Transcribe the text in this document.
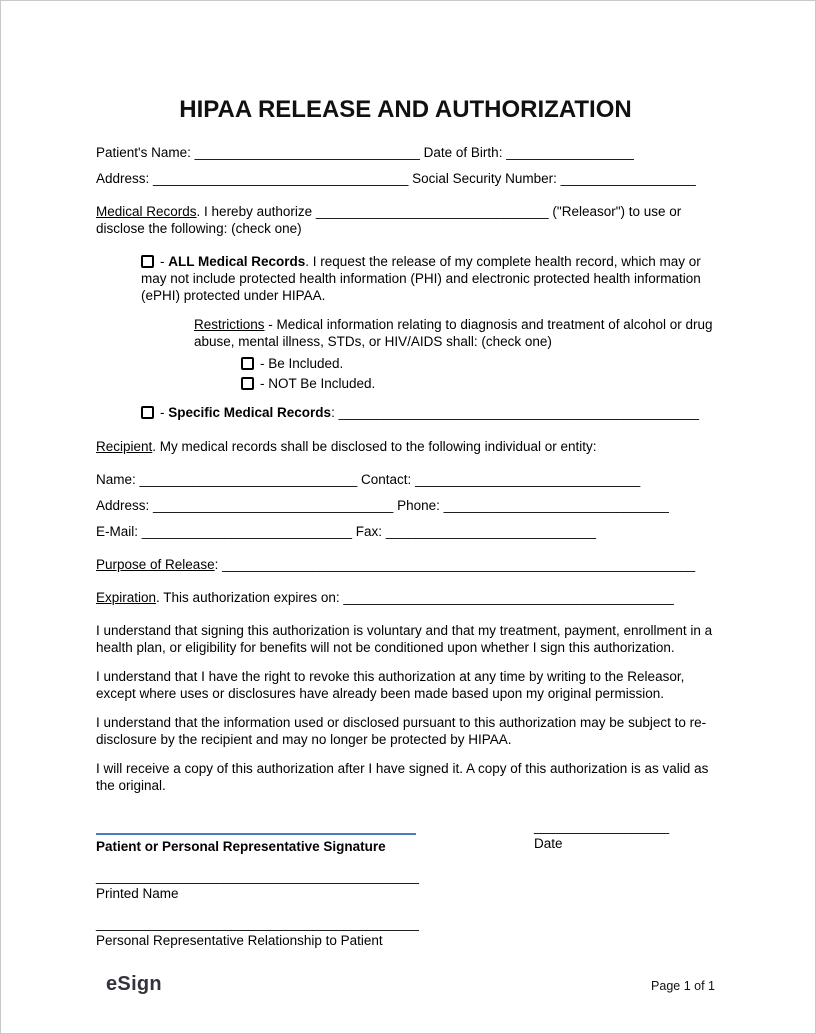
HIPAA RELEASE AND AUTHORIZATION
Patient's Name: ______________________________ Date of Birth: _________________
Address: __________________________________ Social Security Number: __________________
Medical Records. I hereby authorize _______________________________ ("Releasor") to use or disclose the following: (check one)
- ALL Medical Records. I request the release of my complete health record, which may or may not include protected health information (PHI) and electronic protected health information (ePHI) protected under HIPAA.
Restrictions - Medical information relating to diagnosis and treatment of alcohol or drug abuse, mental illness, STDs, or HIV/AIDS shall: (check one)
- Be Included.
- NOT Be Included.
- Specific Medical Records: ________________________________________________
Recipient. My medical records shall be disclosed to the following individual or entity:
Name: _____________________________ Contact: ______________________________
Address: ________________________________ Phone: ______________________________
E-Mail: ____________________________ Fax: ____________________________
Purpose of Release: _______________________________________________________________
Expiration. This authorization expires on: ____________________________________________
I understand that signing this authorization is voluntary and that my treatment, payment, enrollment in a health plan, or eligibility for benefits will not be conditioned upon whether I sign this authorization.
I understand that I have the right to revoke this authorization at any time by writing to the Releasor, except where uses or disclosures have already been made based upon my original permission.
I understand that the information used or disclosed pursuant to this authorization may be subject to re-disclosure by the recipient and may no longer be protected by HIPAA.
I will receive a copy of this authorization after I have signed it. A copy of this authorization is as valid as the original.
Patient or Personal Representative Signature
__________________
Date
___________________________________________
Printed Name
___________________________________________
Personal Representative Relationship to Patient
eSign	Page 1 of 1
